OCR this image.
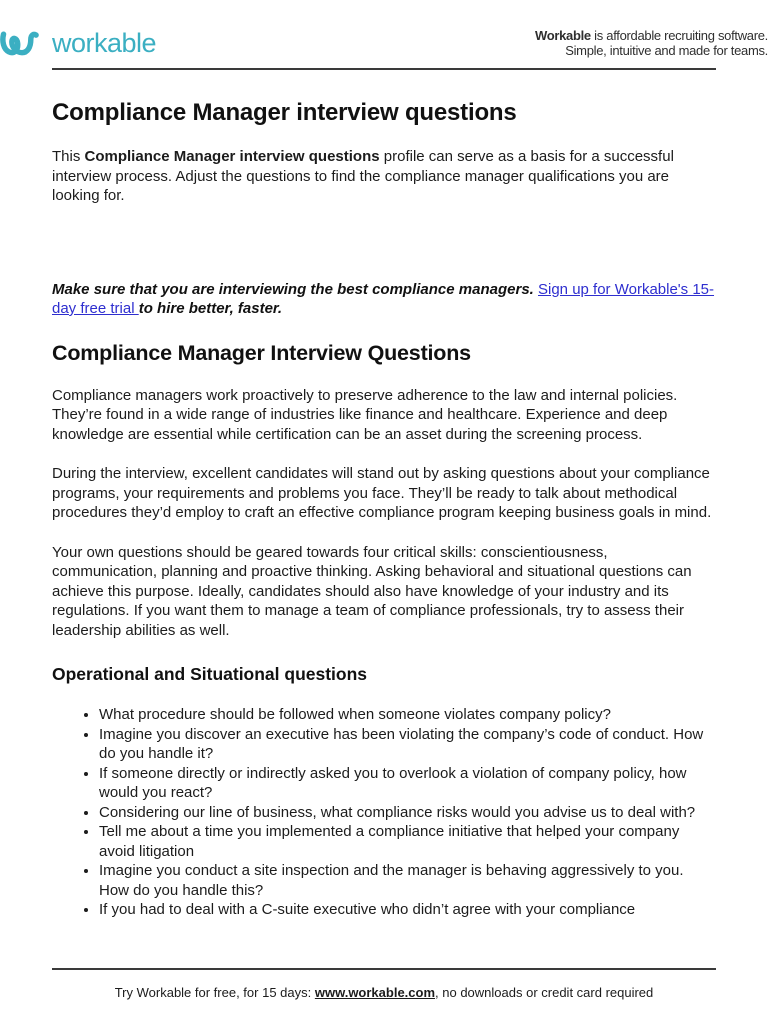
workable	Workable is affordable recruiting software.
Simple, intuitive and made for teams.
Compliance Manager interview questions

This Compliance Manager interview questions profile can serve as a basis for a successful interview process. Adjust the questions to find the compliance manager qualifications you are looking for.

Make sure that you are interviewing the best compliance managers. Sign up for Workable's 15-day free trial to hire better, faster.

Compliance Manager Interview Questions

Compliance managers work proactively to preserve adherence to the law and internal policies. They’re found in a wide range of industries like finance and healthcare. Experience and deep knowledge are essential while certification can be an asset during the screening process.

During the interview, excellent candidates will stand out by asking questions about your compliance programs, your requirements and problems you face. They’ll be ready to talk about methodical procedures they’d employ to craft an effective compliance program keeping business goals in mind.

Your own questions should be geared towards four critical skills: conscientiousness, communication, planning and proactive thinking. Asking behavioral and situational questions can achieve this purpose. Ideally, candidates should also have knowledge of your industry and its regulations. If you want them to manage a team of compliance professionals, try to assess their leadership abilities as well.

Operational and Situational questions
• What procedure should be followed when someone violates company policy?
• Imagine you discover an executive has been violating the company’s code of conduct. How do you handle it?
• If someone directly or indirectly asked you to overlook a violation of company policy, how would you react?
• Considering our line of business, what compliance risks would you advise us to deal with?
• Tell me about a time you implemented a compliance initiative that helped your company avoid litigation
• Imagine you conduct a site inspection and the manager is behaving aggressively to you. How do you handle this?
• If you had to deal with a C-suite executive who didn’t agree with your compliance
Try Workable for free, for 15 days: www.workable.com, no downloads or credit card required
